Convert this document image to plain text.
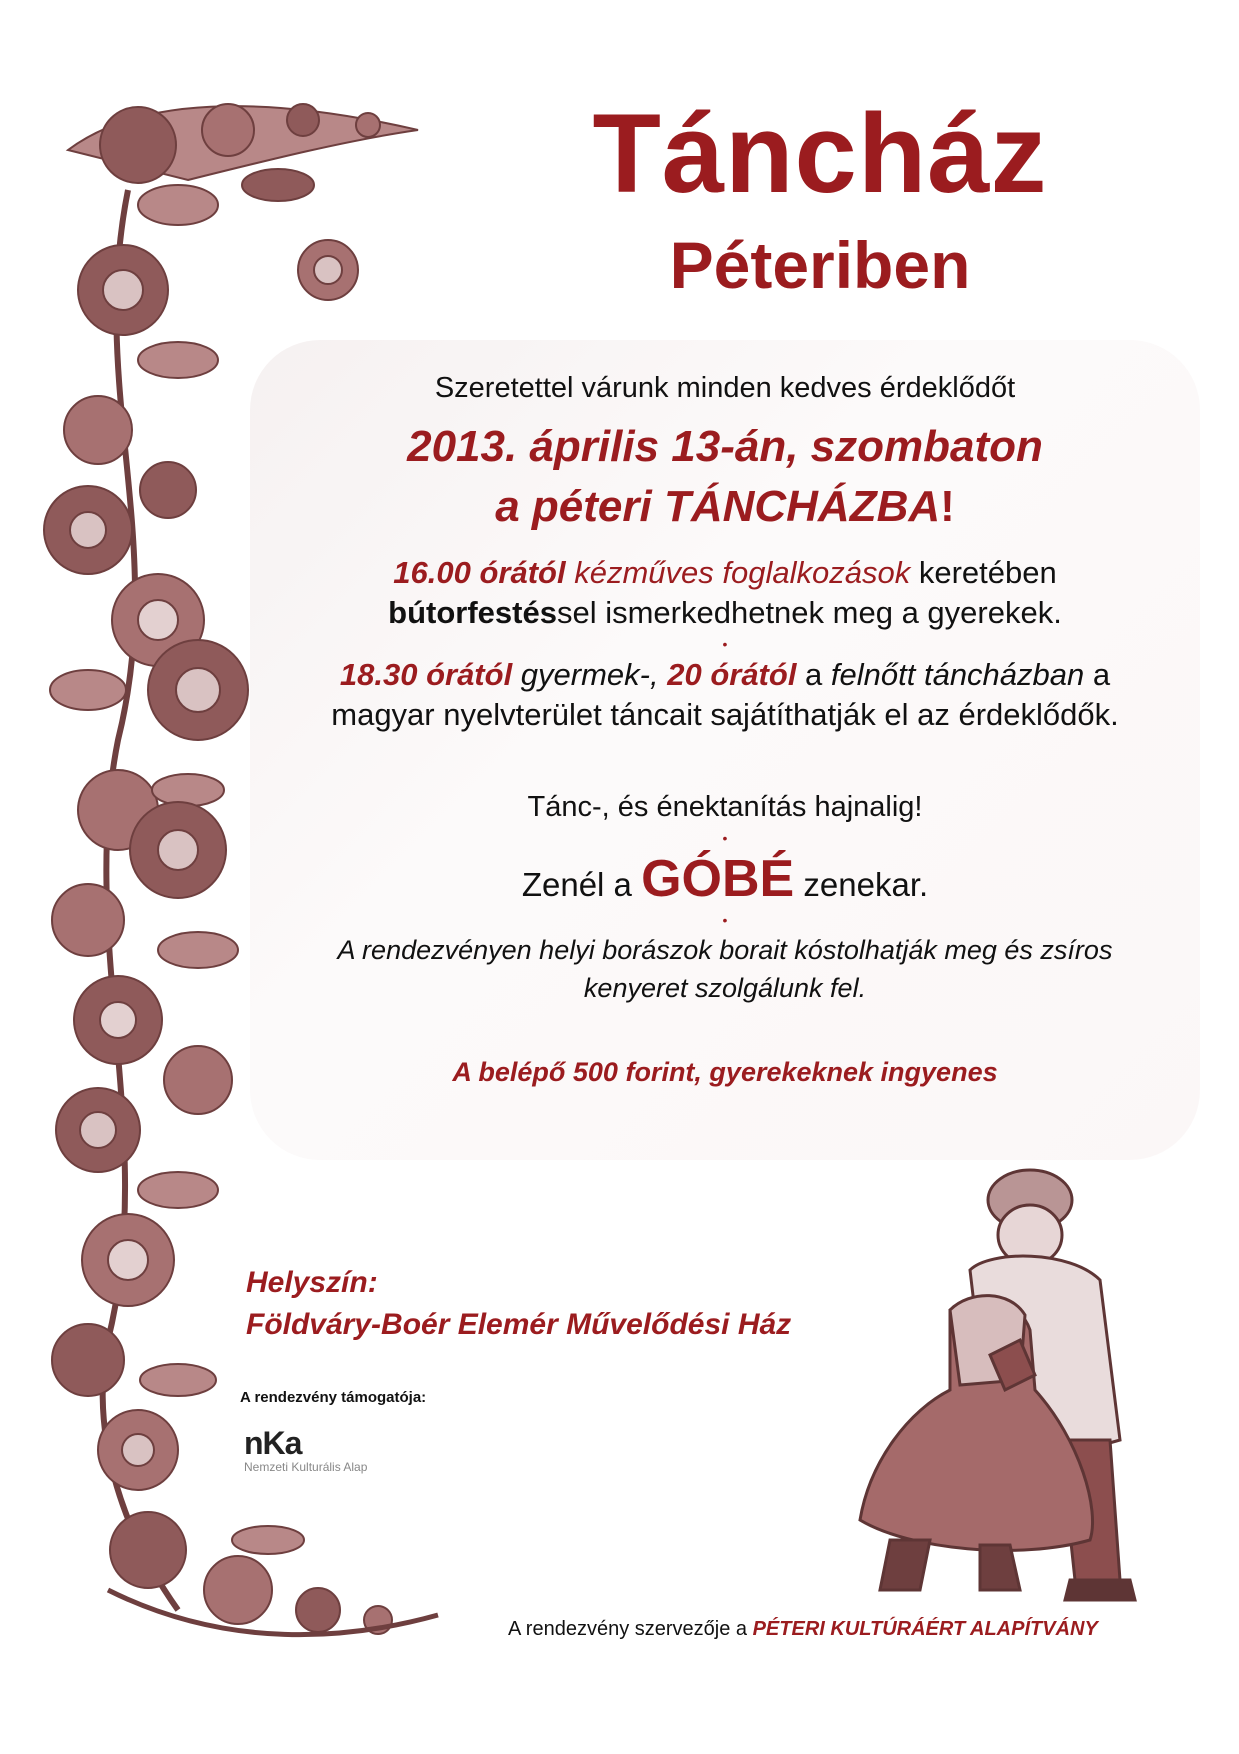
Táncház
Péteriben

Szeretettel várunk minden kedves érdeklődőt

2013. április 13-án, szombaton
a péteri TÁNCHÁZBA!

16.00 órától kézműves foglalkozások keretében
bútorfestéssel ismerkedhetnek meg a gyerekek.

•

18.30 órától gyermek-, 20 órától a felnőtt táncházban a
magyar nyelvterület táncait sajátíthatják el az érdeklődők.

Tánc-, és énektanítás hajnalig!

•

Zenél a GÓBÉ zenekar.

•

A rendezvényen helyi borászok borait kóstolhatják meg és zsíros
kenyeret szolgálunk fel.

A belépő 500 forint, gyerekeknek ingyenes

Helyszín:
Földváry-Boér Elemér Művelődési Ház
A rendezvény támogatója:
nKa
Nemzeti Kulturális Alap
A rendezvény szervezője a PÉTERI KULTÚRÁÉRT ALAPÍTVÁNY
